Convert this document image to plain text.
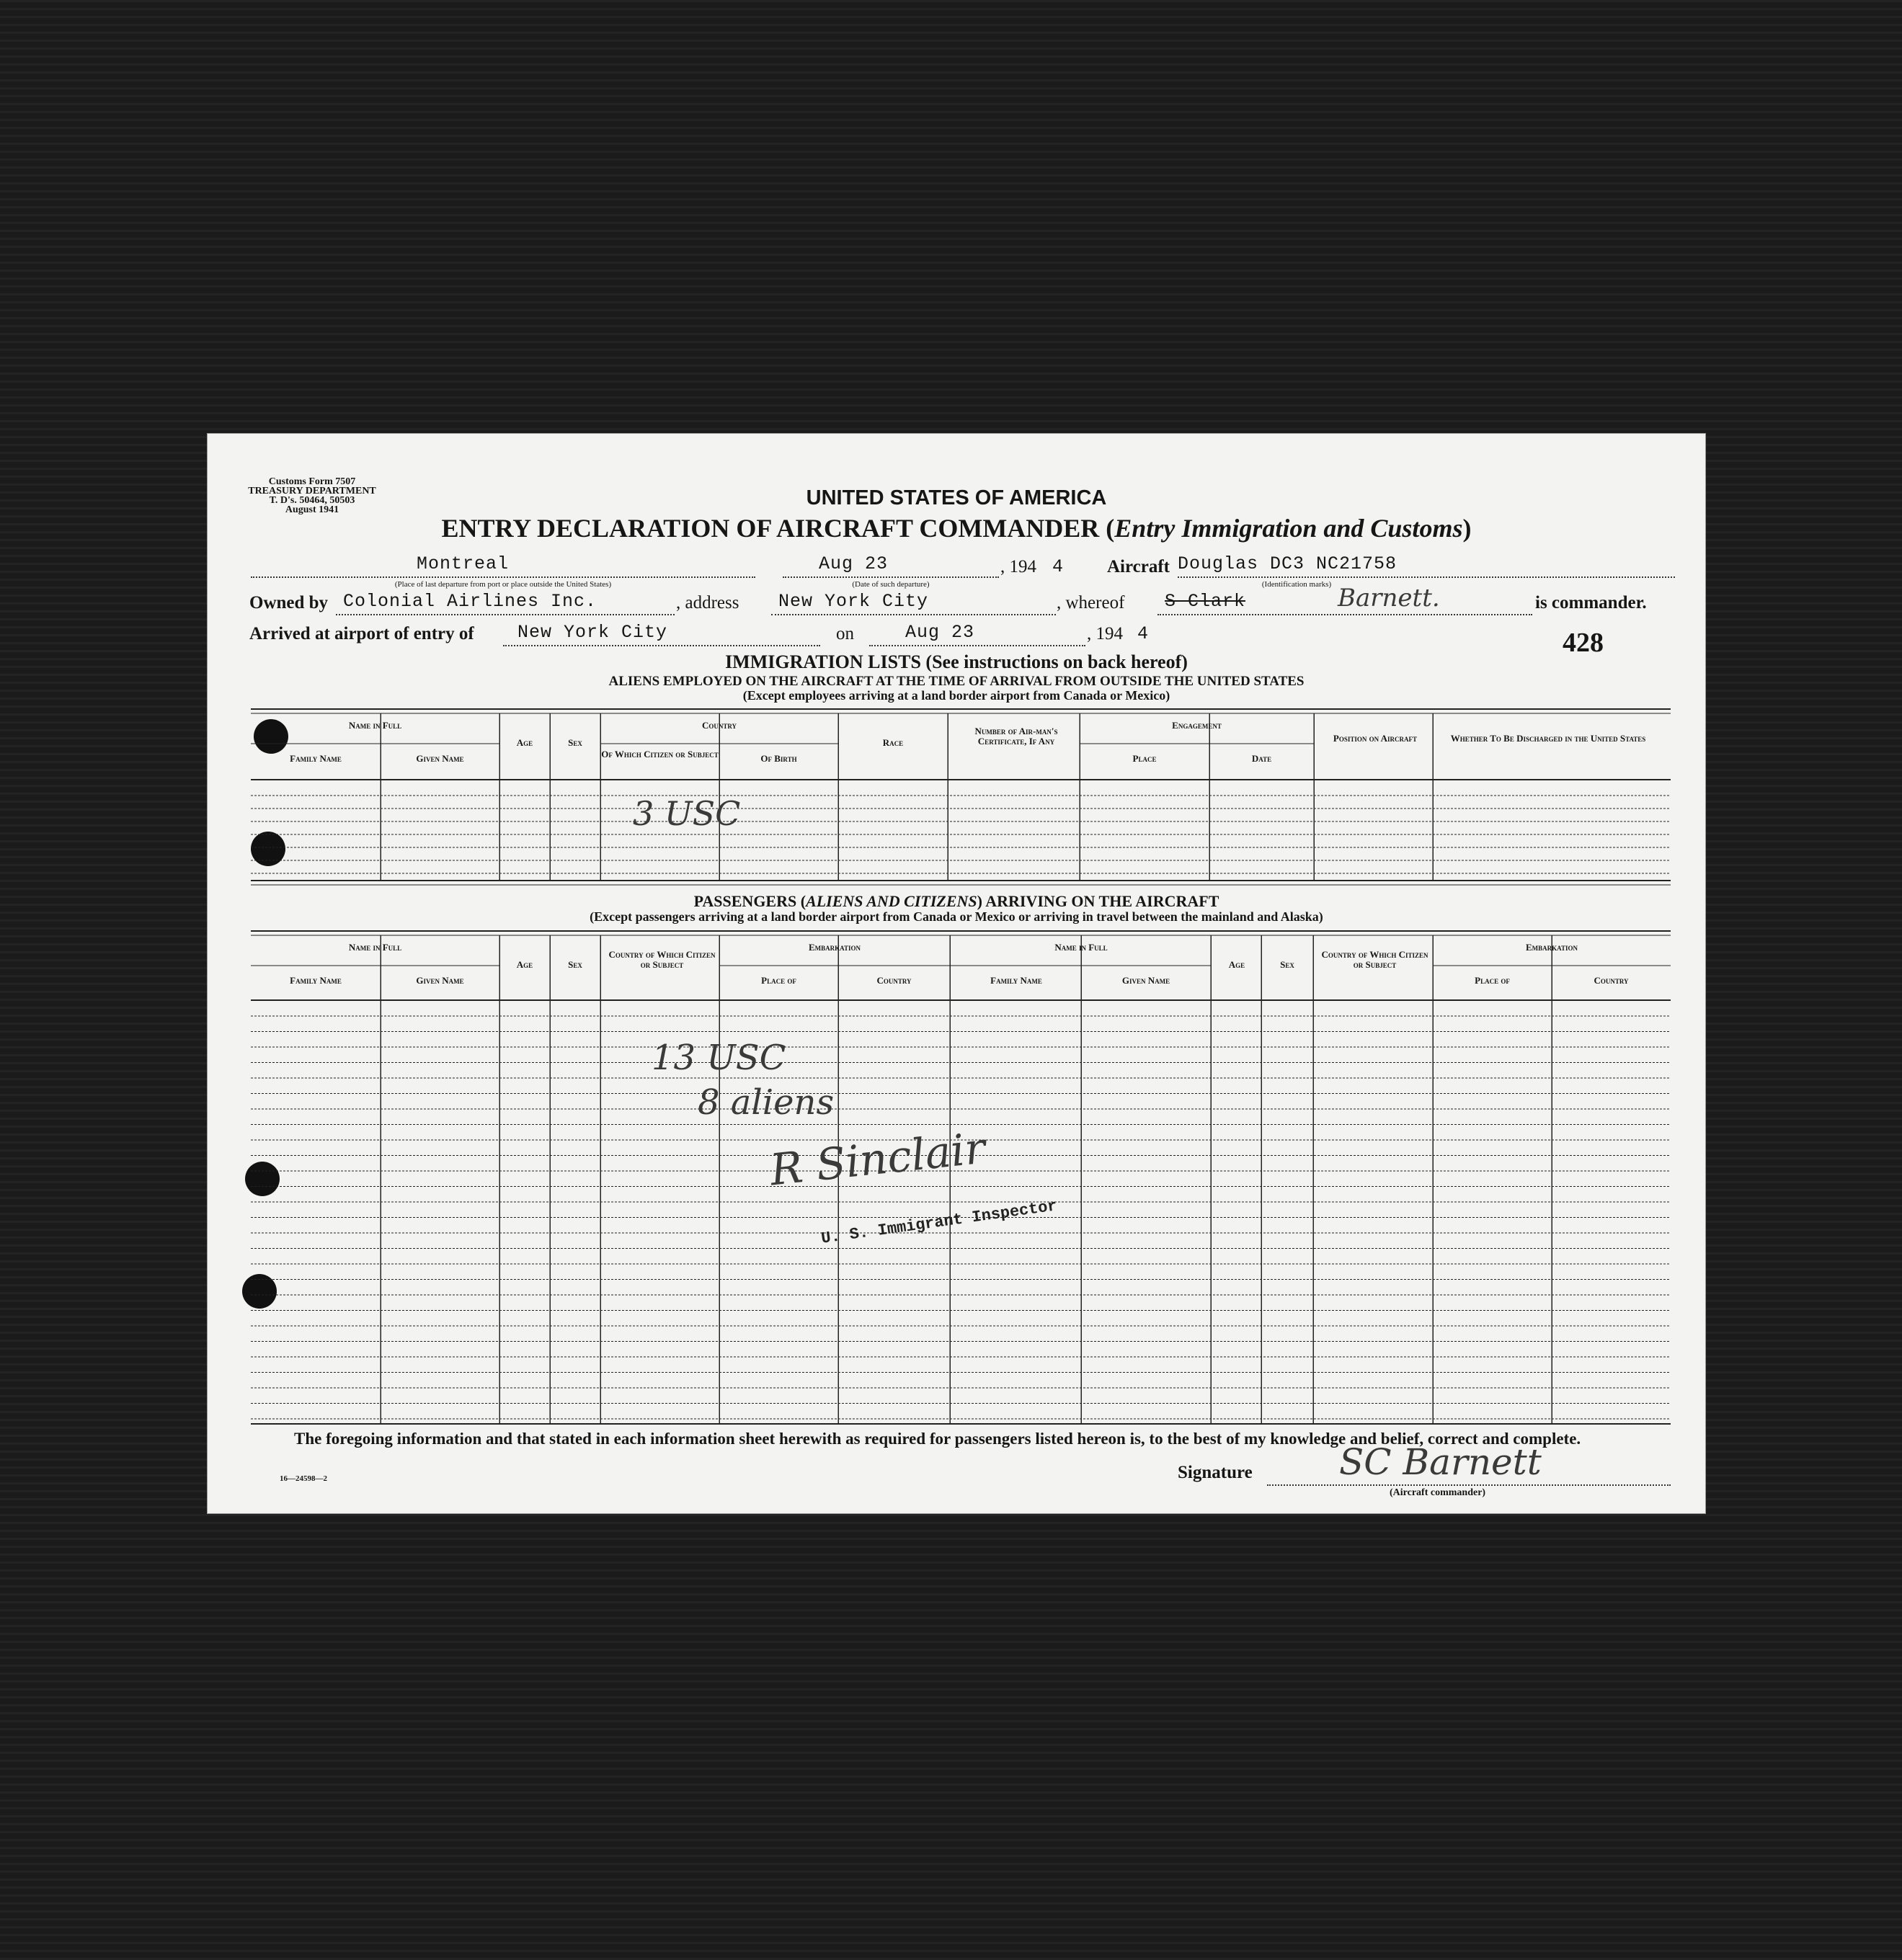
Customs Form 7507
TREASURY DEPARTMENT
T. D's. 50464, 50503
August 1941
UNITED STATES OF AMERICA
ENTRY DECLARATION OF AIRCRAFT COMMANDER (Entry Immigration and Customs)
Montreal
(Place of last departure from port or place outside the United States)
Aug 23
(Date of such departure)
, 194 4 Aircraft Douglas DC3 NC21758
(Identification marks)
Owned by Colonial Airlines Inc.	, address New York City	, whereof S Clark	Barnett.	is commander.
Arrived at airport of entry of New York City	on	Aug 23	, 194 4	428
IMMIGRATION LISTS (See instructions on back hereof)
ALIENS EMPLOYED ON THE AIRCRAFT AT THE TIME OF ARRIVAL FROM OUTSIDE THE UNITED STATES
(Except employees arriving at a land border airport from Canada or Mexico)
Name in Full
Family Name	Given Name
Age	Sex
Country
Of Which Citizen or Subject	Of Birth
Race
Number of Air-man's Certificate, If Any
Engagement
Place	Date
Position on Aircraft	Whether To Be Discharged in the United States
3 USC
PASSENGERS (ALIENS AND CITIZENS) ARRIVING ON THE AIRCRAFT
(Except passengers arriving at a land border airport from Canada or Mexico or arriving in travel between the mainland and Alaska)
Name in Full
Family Name	Given Name
Age	Sex
Country of Which Citizen or Subject
Embarkation
Place of	Country
Name in Full
Family Name	Given Name
Age	Sex
Country of Which Citizen or Subject
Embarkation
Place of	Country
13 USC
8 aliens
R Sinclair
U. S. Immigrant Inspector
The foregoing information and that stated in each information sheet herewith as required for passengers listed hereon is, to the best of my knowledge and belief, correct and complete.
16—24598—2	Signature SC Barnett
(Aircraft commander)
